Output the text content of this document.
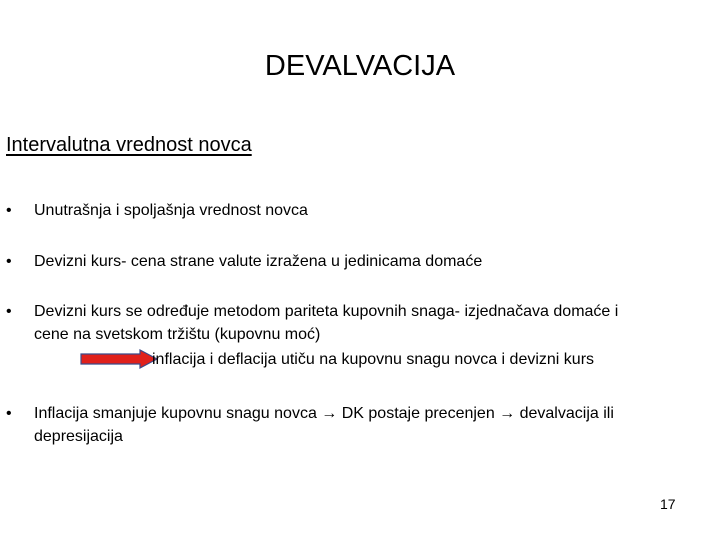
DEVALVACIJA
Intervalutna vrednost novca
• Unutrašnja i spoljašnja vrednost novca
• Devizni kurs- cena strane valute izražena u jedinicama domaće
• Devizni kurs se određuje metodom pariteta kupovnih snaga- izjednačava domaće i
cene na svetskom tržištu (kupovnu moć)
inflacija i deflacija utiču na kupovnu snagu novca i devizni kurs
• Inflacija smanjuje kupovnu snagu novca → DK postaje precenjen → devalvacija ili
depresijacija
17
